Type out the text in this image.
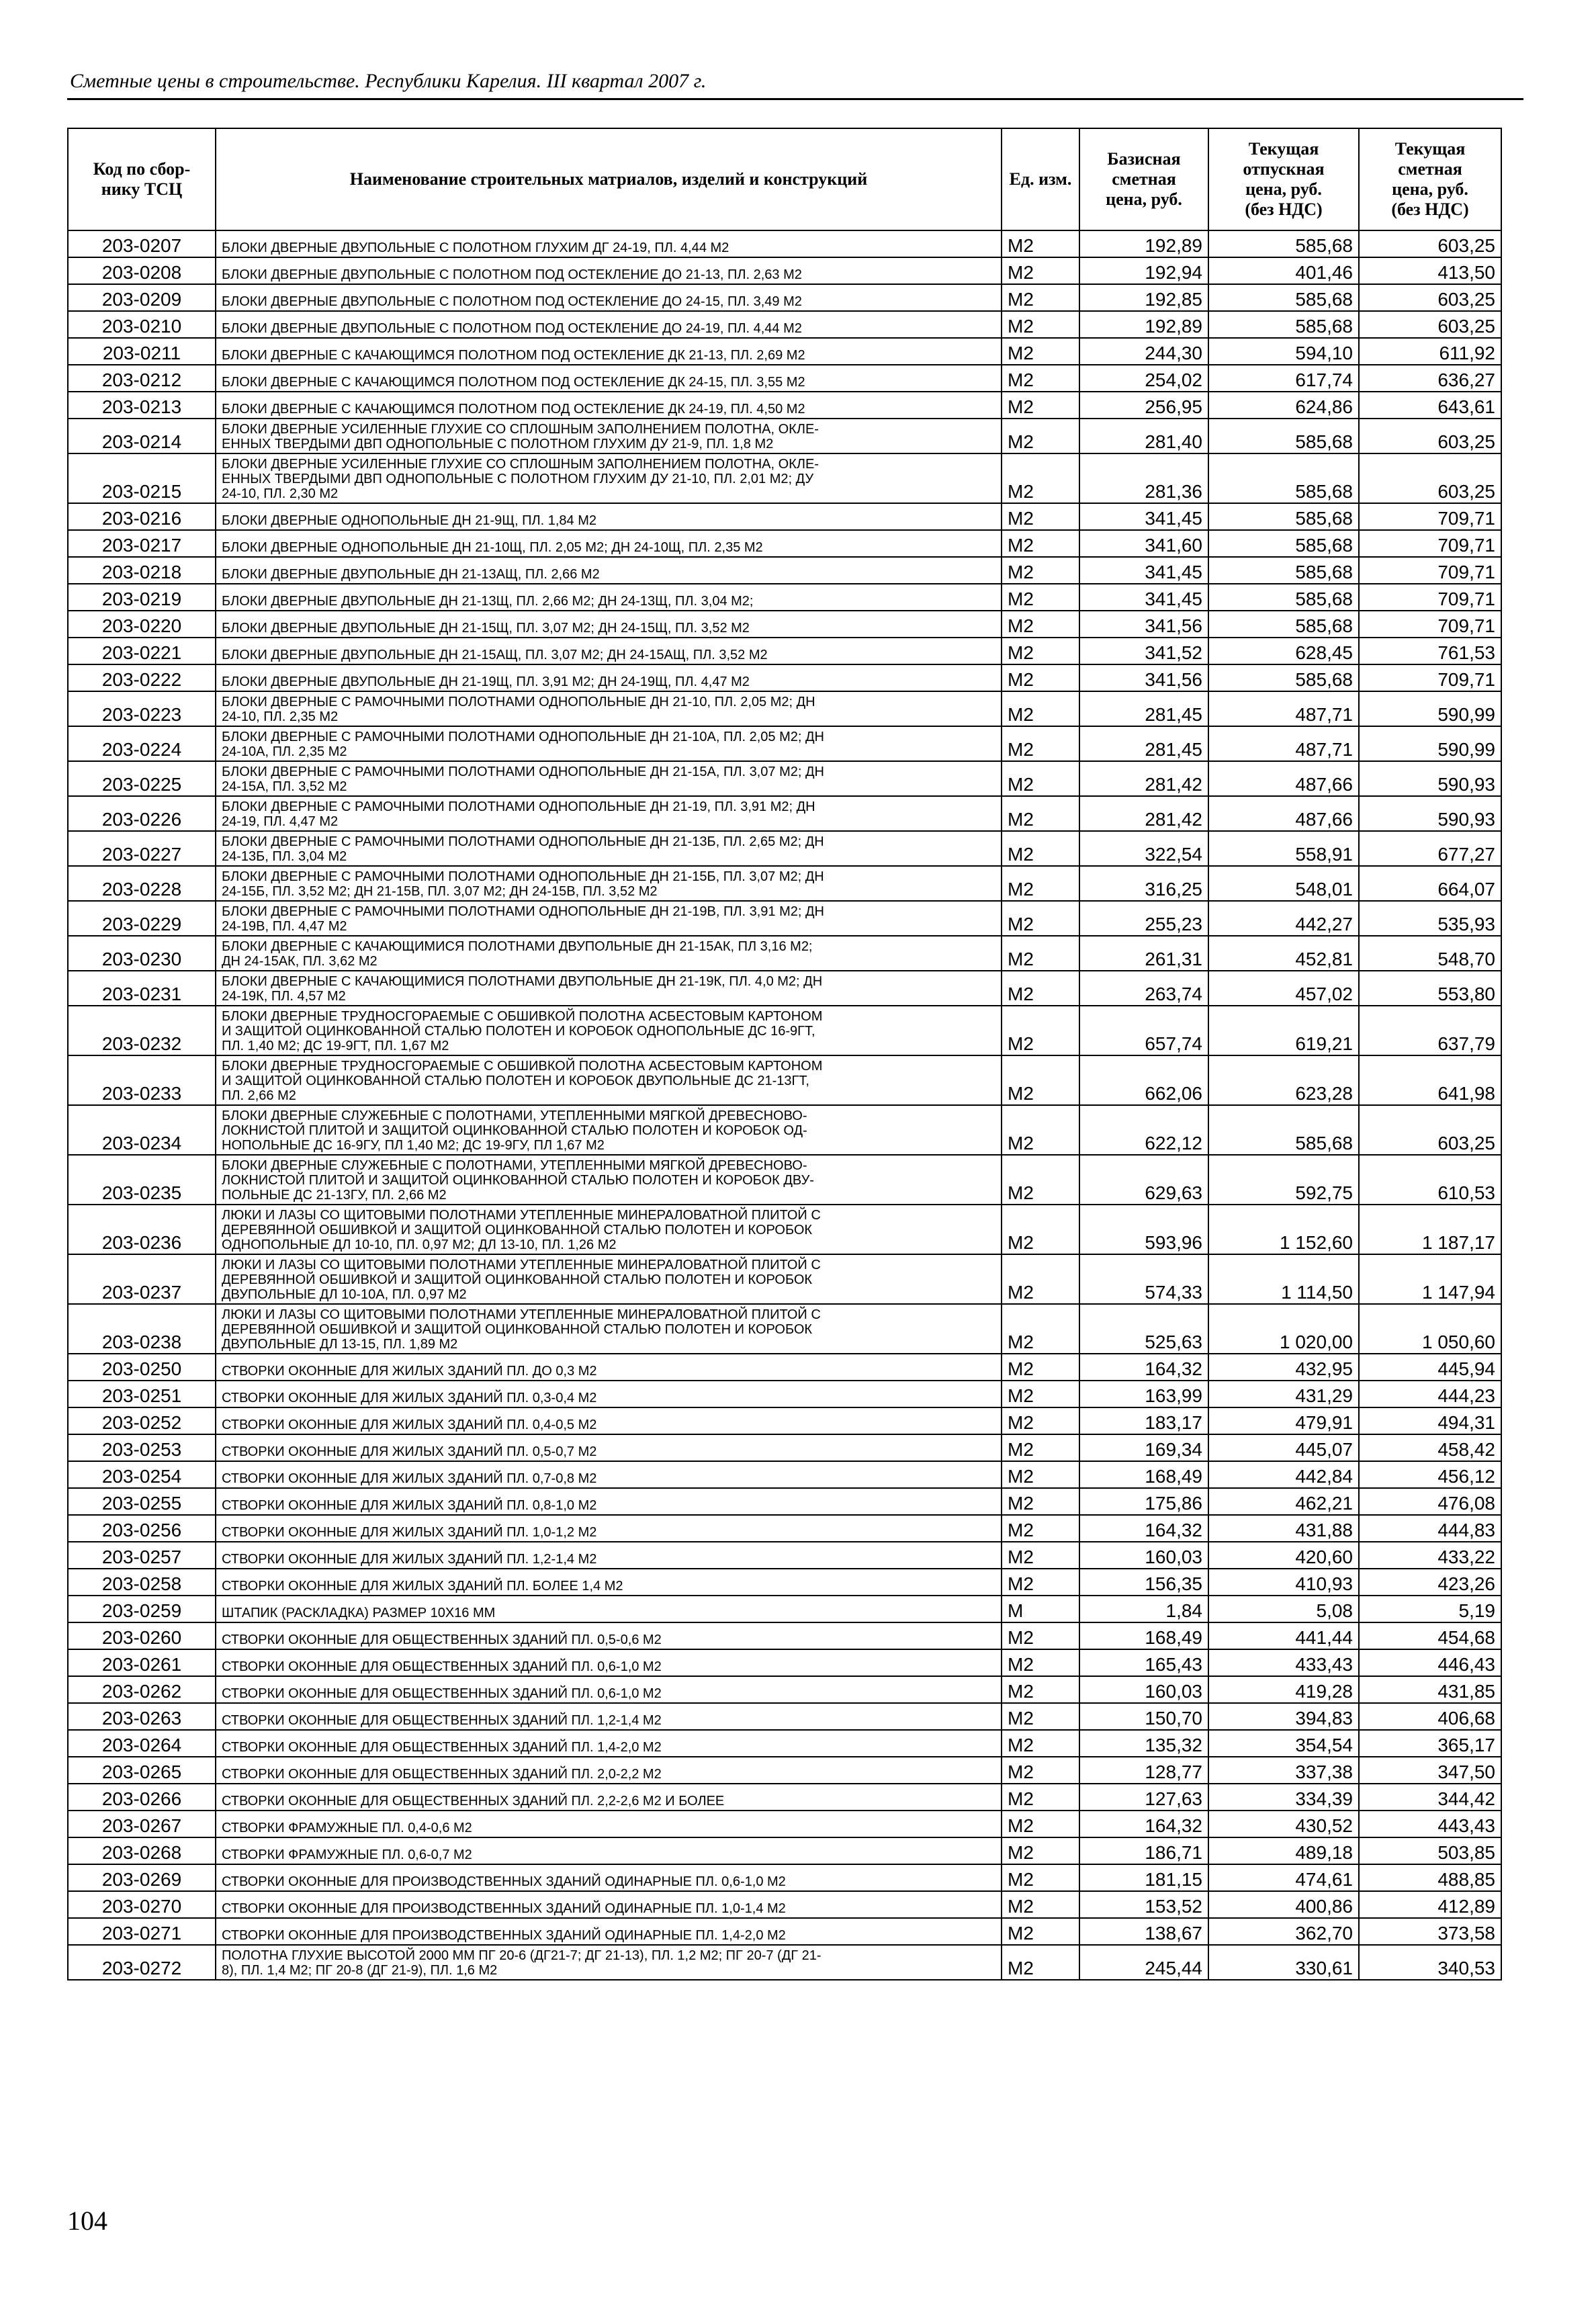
Сметные цены в строительстве. Республики Карелия. III квартал 2007 г.
Код по сбор-
нику ТСЦ	Наименование строительных матриалов, изделий и конструкций	Ед. изм.	Базисная
сметная
цена, руб.	Текущая
отпускная
цена, руб.
(без НДС)	Текущая
сметная
цена, руб.
(без НДС)
203-0207	БЛОКИ ДВЕРНЫЕ ДВУПОЛЬНЫЕ С ПОЛОТНОМ ГЛУХИМ ДГ 24-19, ПЛ. 4,44 М2	М2	192,89	585,68	603,25
203-0208	БЛОКИ ДВЕРНЫЕ ДВУПОЛЬНЫЕ С ПОЛОТНОМ ПОД ОСТЕКЛЕНИЕ ДО 21-13, ПЛ. 2,63 М2	М2	192,94	401,46	413,50
203-0209	БЛОКИ ДВЕРНЫЕ ДВУПОЛЬНЫЕ С ПОЛОТНОМ ПОД ОСТЕКЛЕНИЕ ДО 24-15, ПЛ. 3,49 М2	М2	192,85	585,68	603,25
203-0210	БЛОКИ ДВЕРНЫЕ ДВУПОЛЬНЫЕ С ПОЛОТНОМ ПОД ОСТЕКЛЕНИЕ ДО 24-19, ПЛ. 4,44 М2	М2	192,89	585,68	603,25
203-0211	БЛОКИ ДВЕРНЫЕ С КАЧАЮЩИМСЯ ПОЛОТНОМ ПОД ОСТЕКЛЕНИЕ ДК 21-13, ПЛ. 2,69 М2	М2	244,30	594,10	611,92
203-0212	БЛОКИ ДВЕРНЫЕ С КАЧАЮЩИМСЯ ПОЛОТНОМ ПОД ОСТЕКЛЕНИЕ ДК 24-15, ПЛ. 3,55 М2	М2	254,02	617,74	636,27
203-0213	БЛОКИ ДВЕРНЫЕ С КАЧАЮЩИМСЯ ПОЛОТНОМ ПОД ОСТЕКЛЕНИЕ ДК 24-19, ПЛ. 4,50 М2	М2	256,95	624,86	643,61
203-0214	БЛОКИ ДВЕРНЫЕ УСИЛЕННЫЕ ГЛУХИЕ СО СПЛОШНЫМ ЗАПОЛНЕНИЕМ ПОЛОТНА, ОКЛЕ-
ЕННЫХ ТВЕРДЫМИ ДВП ОДНОПОЛЬНЫЕ С ПОЛОТНОМ ГЛУХИМ ДУ 21-9, ПЛ. 1,8 М2	М2	281,40	585,68	603,25
203-0215	БЛОКИ ДВЕРНЫЕ УСИЛЕННЫЕ ГЛУХИЕ СО СПЛОШНЫМ ЗАПОЛНЕНИЕМ ПОЛОТНА, ОКЛЕ-
ЕННЫХ ТВЕРДЫМИ ДВП ОДНОПОЛЬНЫЕ С ПОЛОТНОМ ГЛУХИМ ДУ 21-10, ПЛ. 2,01 М2; ДУ
24-10, ПЛ. 2,30 М2	М2	281,36	585,68	603,25
203-0216	БЛОКИ ДВЕРНЫЕ ОДНОПОЛЬНЫЕ ДН 21-9Щ, ПЛ. 1,84 М2	М2	341,45	585,68	709,71
203-0217	БЛОКИ ДВЕРНЫЕ ОДНОПОЛЬНЫЕ ДН 21-10Щ, ПЛ. 2,05 М2; ДН 24-10Щ, ПЛ. 2,35 М2	М2	341,60	585,68	709,71
203-0218	БЛОКИ ДВЕРНЫЕ ДВУПОЛЬНЫЕ ДН 21-13АЩ, ПЛ. 2,66 М2	М2	341,45	585,68	709,71
203-0219	БЛОКИ ДВЕРНЫЕ ДВУПОЛЬНЫЕ ДН 21-13Щ, ПЛ. 2,66 М2; ДН 24-13Щ, ПЛ. 3,04 М2;	М2	341,45	585,68	709,71
203-0220	БЛОКИ ДВЕРНЫЕ ДВУПОЛЬНЫЕ ДН 21-15Щ, ПЛ. 3,07 М2; ДН 24-15Щ, ПЛ. 3,52 М2	М2	341,56	585,68	709,71
203-0221	БЛОКИ ДВЕРНЫЕ ДВУПОЛЬНЫЕ ДН 21-15АЩ, ПЛ. 3,07 М2; ДН 24-15АЩ, ПЛ. 3,52 М2	М2	341,52	628,45	761,53
203-0222	БЛОКИ ДВЕРНЫЕ ДВУПОЛЬНЫЕ ДН 21-19Щ, ПЛ. 3,91 М2; ДН 24-19Щ, ПЛ. 4,47 М2	М2	341,56	585,68	709,71
203-0223	БЛОКИ ДВЕРНЫЕ С РАМОЧНЫМИ ПОЛОТНАМИ ОДНОПОЛЬНЫЕ ДН 21-10, ПЛ. 2,05 М2; ДН
24-10, ПЛ. 2,35 М2	М2	281,45	487,71	590,99
203-0224	БЛОКИ ДВЕРНЫЕ С РАМОЧНЫМИ ПОЛОТНАМИ ОДНОПОЛЬНЫЕ ДН 21-10А, ПЛ. 2,05 М2; ДН
24-10А, ПЛ. 2,35 М2	М2	281,45	487,71	590,99
203-0225	БЛОКИ ДВЕРНЫЕ С РАМОЧНЫМИ ПОЛОТНАМИ ОДНОПОЛЬНЫЕ ДН 21-15А, ПЛ. 3,07 М2; ДН
24-15А, ПЛ. 3,52 М2	М2	281,42	487,66	590,93
203-0226	БЛОКИ ДВЕРНЫЕ С РАМОЧНЫМИ ПОЛОТНАМИ ОДНОПОЛЬНЫЕ ДН 21-19, ПЛ. 3,91 М2; ДН
24-19, ПЛ. 4,47 М2	М2	281,42	487,66	590,93
203-0227	БЛОКИ ДВЕРНЫЕ С РАМОЧНЫМИ ПОЛОТНАМИ ОДНОПОЛЬНЫЕ ДН 21-13Б, ПЛ. 2,65 М2; ДН
24-13Б, ПЛ. 3,04 М2	М2	322,54	558,91	677,27
203-0228	БЛОКИ ДВЕРНЫЕ С РАМОЧНЫМИ ПОЛОТНАМИ ОДНОПОЛЬНЫЕ ДН 21-15Б, ПЛ. 3,07 М2; ДН
24-15Б, ПЛ. 3,52 М2; ДН 21-15В, ПЛ. 3,07 М2; ДН 24-15В, ПЛ. 3,52 М2	М2	316,25	548,01	664,07
203-0229	БЛОКИ ДВЕРНЫЕ С РАМОЧНЫМИ ПОЛОТНАМИ ОДНОПОЛЬНЫЕ ДН 21-19В, ПЛ. 3,91 М2; ДН
24-19В, ПЛ. 4,47 М2	М2	255,23	442,27	535,93
203-0230	БЛОКИ ДВЕРНЫЕ С КАЧАЮЩИМИСЯ ПОЛОТНАМИ ДВУПОЛЬНЫЕ ДН 21-15АК, ПЛ 3,16 М2;
ДН 24-15АК, ПЛ. 3,62 М2	М2	261,31	452,81	548,70
203-0231	БЛОКИ ДВЕРНЫЕ С КАЧАЮЩИМИСЯ ПОЛОТНАМИ ДВУПОЛЬНЫЕ ДН 21-19К, ПЛ. 4,0 М2; ДН
24-19К, ПЛ. 4,57 М2	М2	263,74	457,02	553,80
203-0232	БЛОКИ ДВЕРНЫЕ ТРУДНОСГОРАЕМЫЕ С ОБШИВКОЙ ПОЛОТНА АСБЕСТОВЫМ КАРТОНОМ
И ЗАЩИТОЙ ОЦИНКОВАННОЙ СТАЛЬЮ ПОЛОТЕН И КОРОБОК ОДНОПОЛЬНЫЕ ДС 16-9ГТ,
ПЛ. 1,40 М2; ДС 19-9ГТ, ПЛ. 1,67 М2	М2	657,74	619,21	637,79
203-0233	БЛОКИ ДВЕРНЫЕ ТРУДНОСГОРАЕМЫЕ С ОБШИВКОЙ ПОЛОТНА АСБЕСТОВЫМ КАРТОНОМ
И ЗАЩИТОЙ ОЦИНКОВАННОЙ СТАЛЬЮ ПОЛОТЕН И КОРОБОК ДВУПОЛЬНЫЕ ДС 21-13ГТ,
ПЛ. 2,66 М2	М2	662,06	623,28	641,98
203-0234	БЛОКИ ДВЕРНЫЕ СЛУЖЕБНЫЕ С ПОЛОТНАМИ, УТЕПЛЕННЫМИ МЯГКОЙ ДРЕВЕСНОВО-
ЛОКНИСТОЙ ПЛИТОЙ И ЗАЩИТОЙ ОЦИНКОВАННОЙ СТАЛЬЮ ПОЛОТЕН И КОРОБОК ОД-
НОПОЛЬНЫЕ ДС 16-9ГУ, ПЛ 1,40 М2; ДС 19-9ГУ, ПЛ 1,67 М2	М2	622,12	585,68	603,25
203-0235	БЛОКИ ДВЕРНЫЕ СЛУЖЕБНЫЕ С ПОЛОТНАМИ, УТЕПЛЕННЫМИ МЯГКОЙ ДРЕВЕСНОВО-
ЛОКНИСТОЙ ПЛИТОЙ И ЗАЩИТОЙ ОЦИНКОВАННОЙ СТАЛЬЮ ПОЛОТЕН И КОРОБОК ДВУ-
ПОЛЬНЫЕ ДС 21-13ГУ, ПЛ. 2,66 М2	М2	629,63	592,75	610,53
203-0236	ЛЮКИ И ЛАЗЫ СО ЩИТОВЫМИ ПОЛОТНАМИ УТЕПЛЕННЫЕ МИНЕРАЛОВАТНОЙ ПЛИТОЙ С
ДЕРЕВЯННОЙ ОБШИВКОЙ И ЗАЩИТОЙ ОЦИНКОВАННОЙ СТАЛЬЮ ПОЛОТЕН И КОРОБОК
ОДНОПОЛЬНЫЕ ДЛ 10-10, ПЛ. 0,97 М2; ДЛ 13-10, ПЛ. 1,26 М2	М2	593,96	1 152,60	1 187,17
203-0237	ЛЮКИ И ЛАЗЫ СО ЩИТОВЫМИ ПОЛОТНАМИ УТЕПЛЕННЫЕ МИНЕРАЛОВАТНОЙ ПЛИТОЙ С
ДЕРЕВЯННОЙ ОБШИВКОЙ И ЗАЩИТОЙ ОЦИНКОВАННОЙ СТАЛЬЮ ПОЛОТЕН И КОРОБОК
ДВУПОЛЬНЫЕ ДЛ 10-10А, ПЛ. 0,97 М2	М2	574,33	1 114,50	1 147,94
203-0238	ЛЮКИ И ЛАЗЫ СО ЩИТОВЫМИ ПОЛОТНАМИ УТЕПЛЕННЫЕ МИНЕРАЛОВАТНОЙ ПЛИТОЙ С
ДЕРЕВЯННОЙ ОБШИВКОЙ И ЗАЩИТОЙ ОЦИНКОВАННОЙ СТАЛЬЮ ПОЛОТЕН И КОРОБОК
ДВУПОЛЬНЫЕ ДЛ 13-15, ПЛ. 1,89 М2	М2	525,63	1 020,00	1 050,60
203-0250	СТВОРКИ ОКОННЫЕ ДЛЯ ЖИЛЫХ ЗДАНИЙ ПЛ. ДО 0,3 М2	М2	164,32	432,95	445,94
203-0251	СТВОРКИ ОКОННЫЕ ДЛЯ ЖИЛЫХ ЗДАНИЙ ПЛ. 0,3-0,4 М2	М2	163,99	431,29	444,23
203-0252	СТВОРКИ ОКОННЫЕ ДЛЯ ЖИЛЫХ ЗДАНИЙ ПЛ. 0,4-0,5 М2	М2	183,17	479,91	494,31
203-0253	СТВОРКИ ОКОННЫЕ ДЛЯ ЖИЛЫХ ЗДАНИЙ ПЛ. 0,5-0,7 М2	М2	169,34	445,07	458,42
203-0254	СТВОРКИ ОКОННЫЕ ДЛЯ ЖИЛЫХ ЗДАНИЙ ПЛ. 0,7-0,8 М2	М2	168,49	442,84	456,12
203-0255	СТВОРКИ ОКОННЫЕ ДЛЯ ЖИЛЫХ ЗДАНИЙ ПЛ. 0,8-1,0 М2	М2	175,86	462,21	476,08
203-0256	СТВОРКИ ОКОННЫЕ ДЛЯ ЖИЛЫХ ЗДАНИЙ ПЛ. 1,0-1,2 М2	М2	164,32	431,88	444,83
203-0257	СТВОРКИ ОКОННЫЕ ДЛЯ ЖИЛЫХ ЗДАНИЙ ПЛ. 1,2-1,4 М2	М2	160,03	420,60	433,22
203-0258	СТВОРКИ ОКОННЫЕ ДЛЯ ЖИЛЫХ ЗДАНИЙ ПЛ. БОЛЕЕ 1,4 М2	М2	156,35	410,93	423,26
203-0259	ШТАПИК (РАСКЛАДКА) РАЗМЕР 10Х16 ММ	М	1,84	5,08	5,19
203-0260	СТВОРКИ ОКОННЫЕ ДЛЯ ОБЩЕСТВЕННЫХ ЗДАНИЙ ПЛ. 0,5-0,6 М2	М2	168,49	441,44	454,68
203-0261	СТВОРКИ ОКОННЫЕ ДЛЯ ОБЩЕСТВЕННЫХ ЗДАНИЙ ПЛ. 0,6-1,0 М2	М2	165,43	433,43	446,43
203-0262	СТВОРКИ ОКОННЫЕ ДЛЯ ОБЩЕСТВЕННЫХ ЗДАНИЙ ПЛ. 0,6-1,0 М2	М2	160,03	419,28	431,85
203-0263	СТВОРКИ ОКОННЫЕ ДЛЯ ОБЩЕСТВЕННЫХ ЗДАНИЙ ПЛ. 1,2-1,4 М2	М2	150,70	394,83	406,68
203-0264	СТВОРКИ ОКОННЫЕ ДЛЯ ОБЩЕСТВЕННЫХ ЗДАНИЙ ПЛ. 1,4-2,0 М2	М2	135,32	354,54	365,17
203-0265	СТВОРКИ ОКОННЫЕ ДЛЯ ОБЩЕСТВЕННЫХ ЗДАНИЙ ПЛ. 2,0-2,2 М2	М2	128,77	337,38	347,50
203-0266	СТВОРКИ ОКОННЫЕ ДЛЯ ОБЩЕСТВЕННЫХ ЗДАНИЙ ПЛ. 2,2-2,6 М2 И БОЛЕЕ	М2	127,63	334,39	344,42
203-0267	СТВОРКИ ФРАМУЖНЫЕ ПЛ. 0,4-0,6 М2	М2	164,32	430,52	443,43
203-0268	СТВОРКИ ФРАМУЖНЫЕ ПЛ. 0,6-0,7 М2	М2	186,71	489,18	503,85
203-0269	СТВОРКИ ОКОННЫЕ ДЛЯ ПРОИЗВОДСТВЕННЫХ ЗДАНИЙ ОДИНАРНЫЕ ПЛ. 0,6-1,0 М2	М2	181,15	474,61	488,85
203-0270	СТВОРКИ ОКОННЫЕ ДЛЯ ПРОИЗВОДСТВЕННЫХ ЗДАНИЙ ОДИНАРНЫЕ ПЛ. 1,0-1,4 М2	М2	153,52	400,86	412,89
203-0271	СТВОРКИ ОКОННЫЕ ДЛЯ ПРОИЗВОДСТВЕННЫХ ЗДАНИЙ ОДИНАРНЫЕ ПЛ. 1,4-2,0 М2	М2	138,67	362,70	373,58
203-0272	ПОЛОТНА ГЛУХИЕ ВЫСОТОЙ 2000 ММ ПГ 20-6 (ДГ21-7; ДГ 21-13), ПЛ. 1,2 М2; ПГ 20-7 (ДГ 21-
8), ПЛ. 1,4 М2; ПГ 20-8 (ДГ 21-9), ПЛ. 1,6 М2	М2	245,44	330,61	340,53
104
